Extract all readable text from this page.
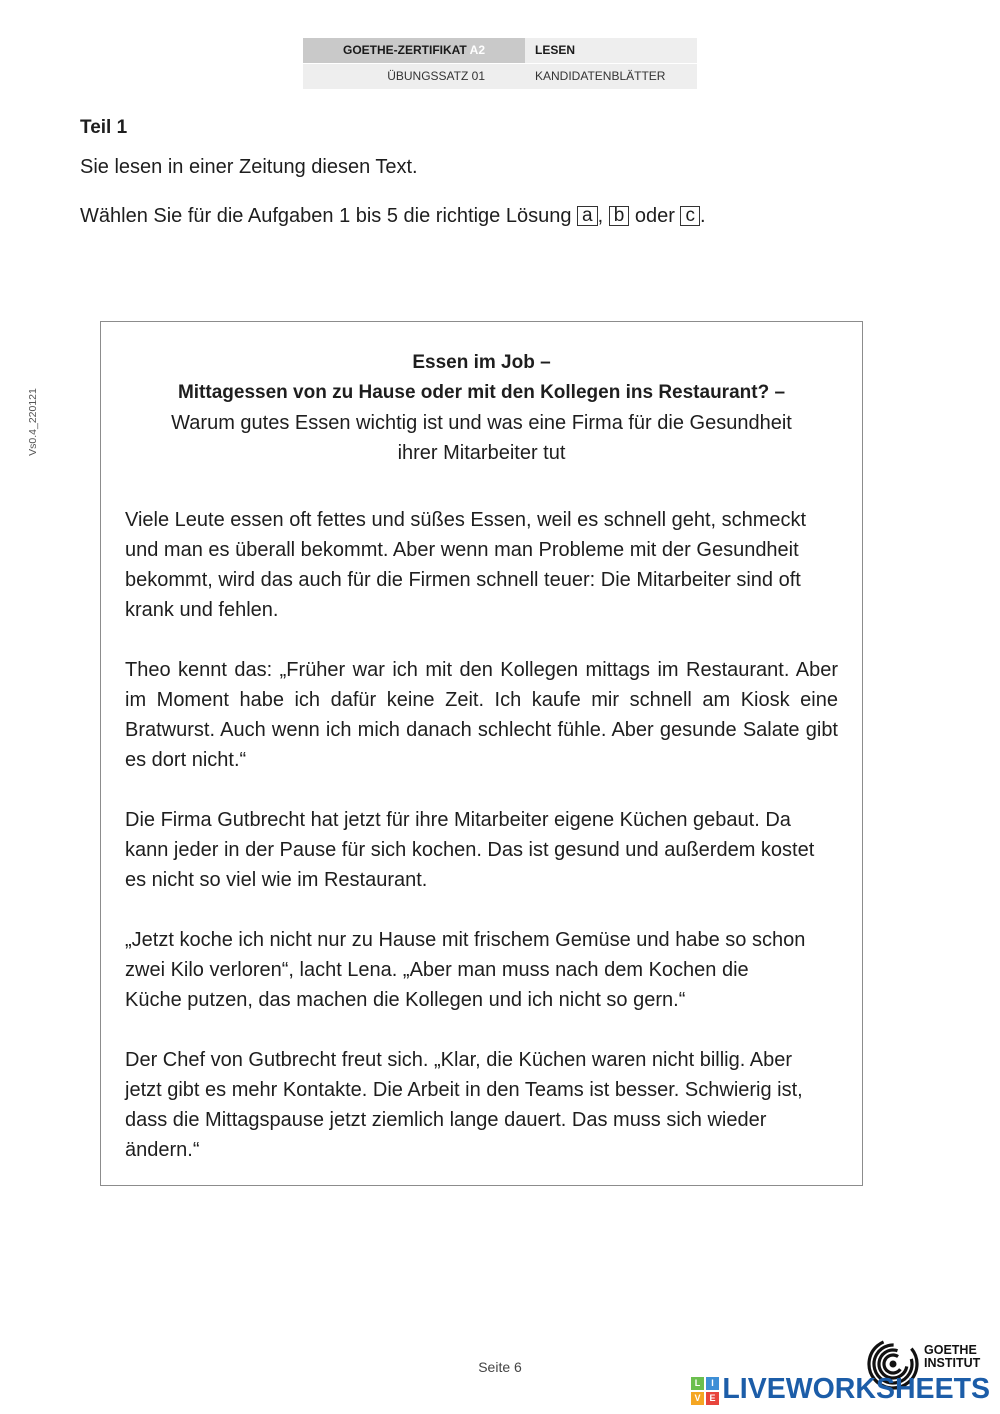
GOETHE-ZERTIFIKAT A2	LESEN
ÜBUNGSSATZ 01	KANDIDATENBLÄTTER
Vs0.4_220121
Teil 1
Sie lesen in einer Zeitung diesen Text.
Wählen Sie für die Aufgaben 1 bis 5 die richtige Lösung a , b oder c .
Essen im Job –
Mittagessen von zu Hause oder mit den Kollegen ins Restaurant? –
Warum gutes Essen wichtig ist und was eine Firma für die Gesundheit
ihrer Mitarbeiter tut
Viele Leute essen oft fettes und süßes Essen, weil es schnell geht, schmeckt
und man es überall bekommt. Aber wenn man Probleme mit der Gesundheit
bekommt, wird das auch für die Firmen schnell teuer: Die Mitarbeiter sind oft
krank und fehlen.
Theo kennt das: „Früher war ich mit den Kollegen mittags im Restaurant. Aber
im Moment habe ich dafür keine Zeit. Ich kaufe mir schnell am Kiosk eine
Bratwurst. Auch wenn ich mich danach schlecht fühle. Aber gesunde Salate gibt
es dort nicht.“
Die Firma Gutbrecht hat jetzt für ihre Mitarbeiter eigene Küchen gebaut. Da
kann jeder in der Pause für sich kochen. Das ist gesund und außerdem kostet
es nicht so viel wie im Restaurant.
„Jetzt koche ich nicht nur zu Hause mit frischem Gemüse und habe so schon
zwei Kilo verloren“, lacht Lena. „Aber man muss nach dem Kochen die
Küche putzen, das machen die Kollegen und ich nicht so gern.“
Der Chef von Gutbrecht freut sich. „Klar, die Küchen waren nicht billig. Aber
jetzt gibt es mehr Kontakte. Die Arbeit in den Teams ist besser. Schwierig ist,
dass die Mittagspause jetzt ziemlich lange dauert. Das muss sich wieder
ändern.“
Seite 6
GOETHE
INSTITUT
L	I
V E LIVEWORKSHEETS
